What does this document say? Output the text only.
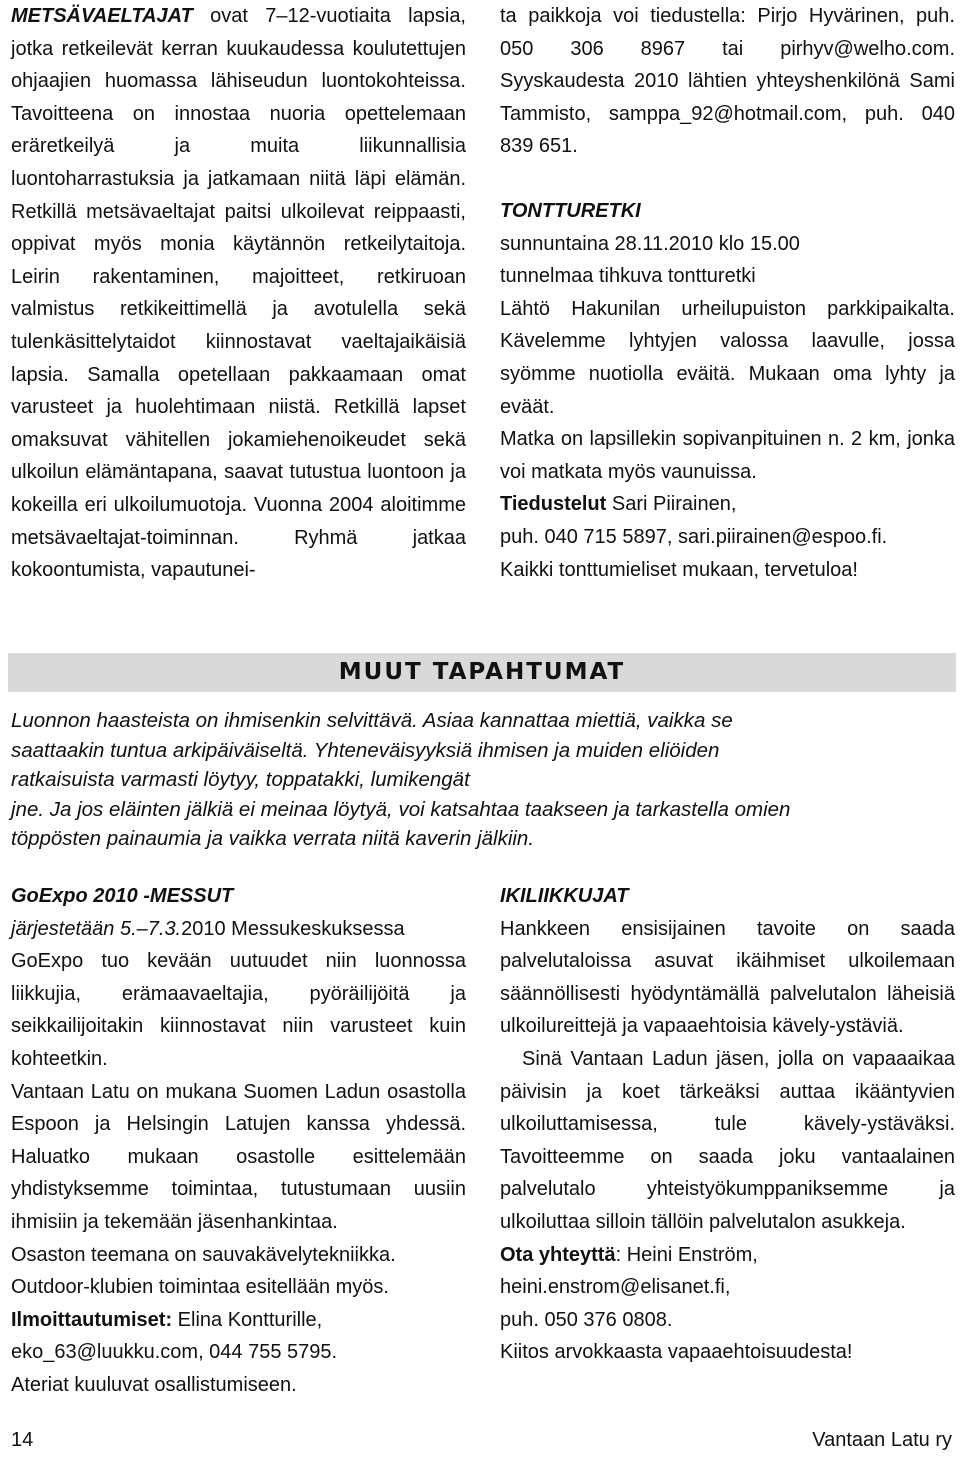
METSÄVAELTAJAT ovat 7–12-vuotiaita lapsia, jotka retkeilevät kerran kuukaudessa koulutettujen ohjaajien huomassa lähiseudun luontokohteissa. Tavoitteena on innostaa nuoria opettelemaan eräretkeilyä ja muita liikunnallisia luontoharrastuksia ja jatkamaan niitä läpi elämän. Retkillä metsävaeltajat paitsi ulkoilevat reippaasti, oppivat myös monia käytännön retkeilytaitoja. Leirin rakentaminen, majoitteet, retkiruoan valmistus retkikeittimellä ja avotulella sekä tulenkäsittelytaidot kiinnostavat vaeltajaikäisiä lapsia. Samalla opetellaan pakkaamaan omat varusteet ja huolehtimaan niistä. Retkillä lapset omaksuvat vähitellen jokamiehenoikeudet sekä ulkoilun elämäntapana, saavat tutustua luontoon ja kokeilla eri ulkoilumuotoja. Vuonna 2004 aloitimme metsävaeltajat-toiminnan. Ryhmä jatkaa kokoontumista, vapautunei-

ta paikkoja voi tiedustella: Pirjo Hyvärinen, puh. 050 306 8967 tai pirhyv@welho.com. Syyskaudesta 2010 lähtien yhteyshenkilönä Sami Tammisto, samppa_92@hotmail.com, puh. 040 839 651.

TONTTURETKI
sunnuntaina 28.11.2010 klo 15.00
tunnelmaa tihkuva tontturetki

Lähtö Hakunilan urheilupuiston parkkipaikalta. Kävelemme lyhtyjen valossa laavulle, jossa syömme nuotiolla eväitä. Mukaan oma lyhty ja eväät.

Matka on lapsillekin sopivanpituinen n. 2 km, jonka voi matkata myös vaunuissa.

Tiedustelut Sari Piirainen,
puh. 040 715 5897, sari.piirainen@espoo.fi.
Kaikki tonttumieliset mukaan, tervetuloa!
MUUT TAPAHTUMAT
Luonnon haasteista on ihmisenkin selvittävä. Asiaa kannattaa miettiä, vaikka se
saattaakin tuntua arkipäiväiseltä. Yhteneväisyyksiä ihmisen ja muiden eliöiden
ratkaisuista varmasti löytyy, toppatakki, lumikengät
jne. Ja jos eläinten jälkiä ei meinaa löytyä, voi katsahtaa taakseen ja tarkastella omien
töppösten painaumia ja vaikka verrata niitä kaverin jälkiin.
GoExpo 2010 -MESSUT
järjestetään 5.–7.3.2010 Messukeskuksessa

GoExpo tuo kevään uutuudet niin luonnossa liikkujia, erämaavaeltajia, pyöräilijöitä ja seikkailijoitakin kiinnostavat niin varusteet kuin kohteetkin.

Vantaan Latu on mukana Suomen Ladun osastolla Espoon ja Helsingin Latujen kanssa yhdessä. Haluatko mukaan osastolle esittelemään yhdistyksemme toimintaa, tutustumaan uusiin ihmisiin ja tekemään jäsenhankintaa.

Osaston teemana on sauvakävelytekniikka.
Outdoor-klubien toimintaa esitellään myös.
Ilmoittautumiset: Elina Kontturille,
eko_63@luukku.com, 044 755 5795.
Ateriat kuuluvat osallistumiseen.
IKILIIKKUJAT

Hankkeen ensisijainen tavoite on saada palvelutaloissa asuvat ikäihmiset ulkoilemaan säännöllisesti hyödyntämällä palvelutalon läheisiä ulkoilureittejä ja vapaaehtoisia kävely-ystäviä.

Sinä Vantaan Ladun jäsen, jolla on vapaaaikaa päivisin ja koet tärkeäksi auttaa ikääntyvien ulkoiluttamisessa, tule kävely-ystäväksi. Tavoitteemme on saada joku vantaalainen palvelutalo yhteistyökumppaniksemme ja ulkoiluttaa silloin tällöin palvelutalon asukkeja.

Ota yhteyttä: Heini Enström,
heini.enstrom@elisanet.fi,
puh. 050 376 0808.
Kiitos arvokkaasta vapaaehtoisuudesta!
14	Vantaan Latu ry
